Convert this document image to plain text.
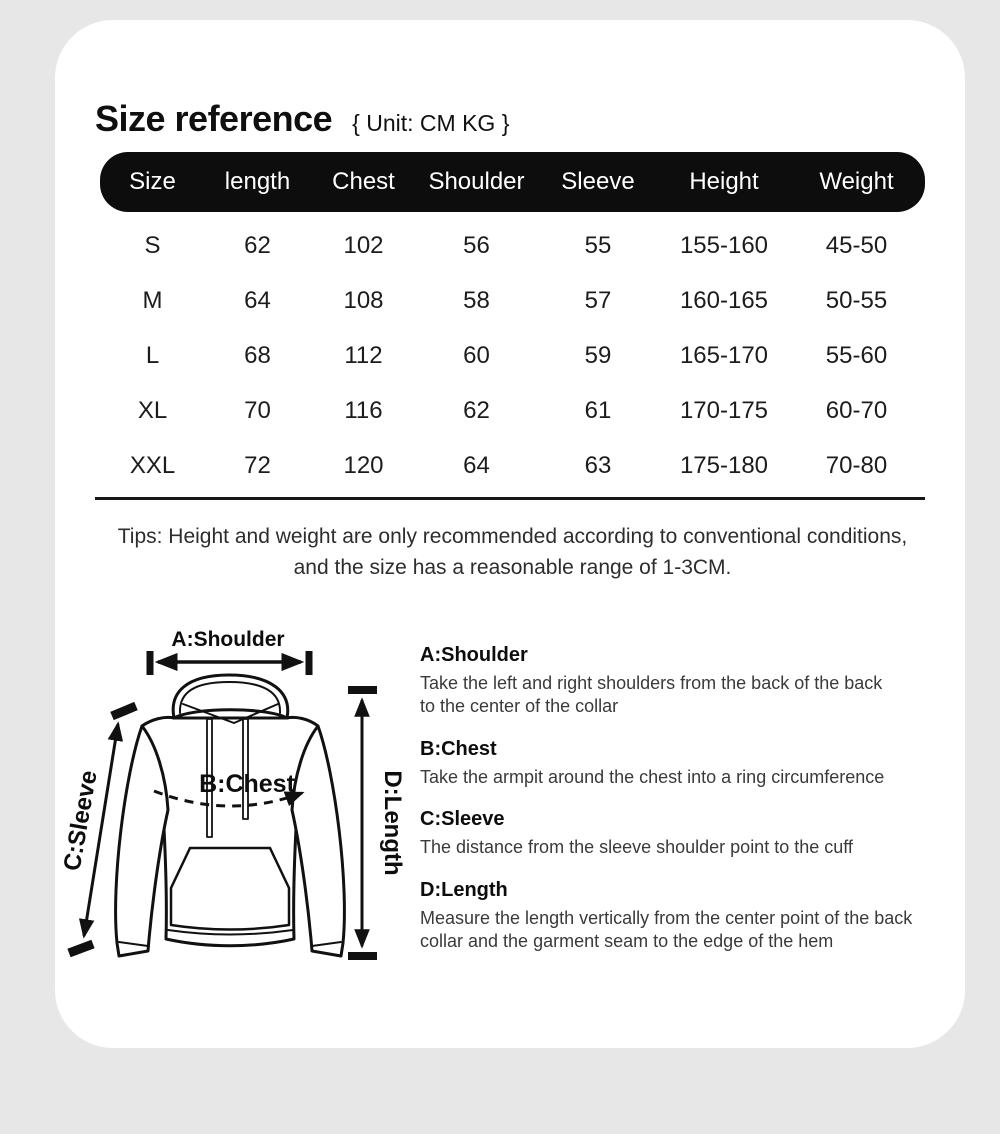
Size reference { Unit: CM KG }
Size	length	Chest	Shoulder	Sleeve	Height	Weight
S	62	102	56	55	155-160	45-50
M	64	108	58	57	160-165	50-55
L	68	112	60	59	165-170	55-60
XL	70	116	62	61	170-175	60-70
XXL	72	120	64	63	175-180	70-80

Tips: Height and weight are only recommended according to conventional conditions, and the size has a reasonable range of 1-3CM.

A:Shoulder
B:Chest
C:Sleeve	D:Length
A:Shoulder

Take the left and right shoulders from the back of the back to the center of the collar

B:Chest

Take the armpit around the chest into a ring circumference

C:Sleeve

The distance from the sleeve shoulder point to the cuff

D:Length

Measure the length vertically from the center point of the back collar and the garment seam to the edge of the hem
